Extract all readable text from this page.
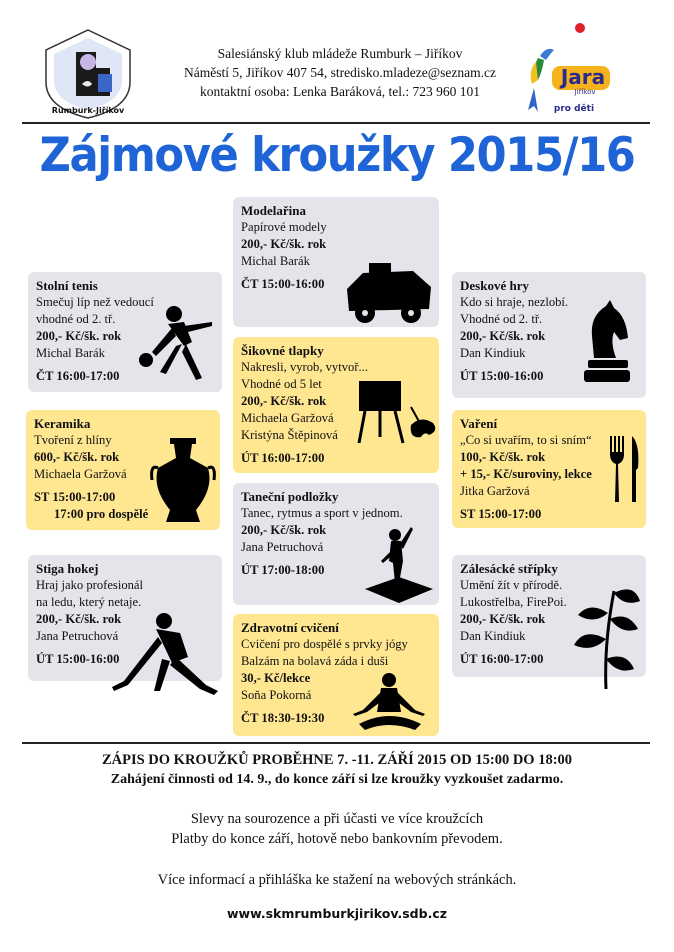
Rumburk-Jiříkov
Salesiánský klub mládeže Rumburk – Jiříkov
Náměstí 5, Jiříkov 407 54, stredisko.mladeze@seznam.cz
kontaktní osoba: Lenka Baráková, tel.: 723 960 101
Jara
Jiříkov
pro děti
Zájmové kroužky 2015/16
Stolní tenis
Smečuj líp než vedoucí
vhodné od 2. tř.
200,- Kč/šk. rok
Michal Barák
ČT 16:00-17:00
Modelařina
Papírové modely
200,- Kč/šk. rok
Michal Barák
ČT 15:00-16:00	Deskové hry
Kdo si hraje, nezlobí.
Vhodné od 2. tř.
200,- Kč/šk. rok
Dan Kindiuk
ÚT 15:00-16:00
Šikovné tlapky
Nakresli, vyrob, vytvoř...
Vhodné od 5 let
200,- Kč/šk. rok
Michaela Garžová
Kristýna Štěpinová
ÚT 16:00-17:00
Keramika
Tvoření z hlíny
600,- Kč/šk. rok
Michaela Garžová
ST 15:00-17:00
17:00 pro dospělé
Vaření
„Co si uvařím, to si sním“
100,- Kč/šk. rok
+ 15,- Kč/suroviny, lekce
Jitka Garžová
ST 15:00-17:00
Taneční podložky
Tanec, rytmus a sport v jednom.
200,- Kč/šk. rok
Jana Petruchová
ÚT 17:00-18:00
Stiga hokej
Hraj jako profesionál
na ledu, který netaje.
200,- Kč/šk. rok
Jana Petruchová
ÚT 15:00-16:00
Zdravotní cvičení
Cvičení pro dospělé s prvky jógy
Balzám na bolavá záda i duši
30,- Kč/lekce
Soňa Pokorná
ČT 18:30-19:30
Zálesácké střípky
Umění žít v přírodě.
Lukostřelba, FirePoi.
200,- Kč/šk. rok
Dan Kindiuk
ÚT 16:00-17:00
ZÁPIS DO KROUŽKŮ PROBĚHNE 7. -11. ZÁŘÍ 2015 OD 15:00 DO 18:00
Zahájení činnosti od 14. 9., do konce září si lze kroužky vyzkoušet zadarmo.
Slevy na sourozence a při účasti ve více kroužcích
Platby do konce září, hotově nebo bankovním převodem.
Více informací a přihláška ke stažení na webových stránkách.
www.skmrumburkjirikov.sdb.cz
